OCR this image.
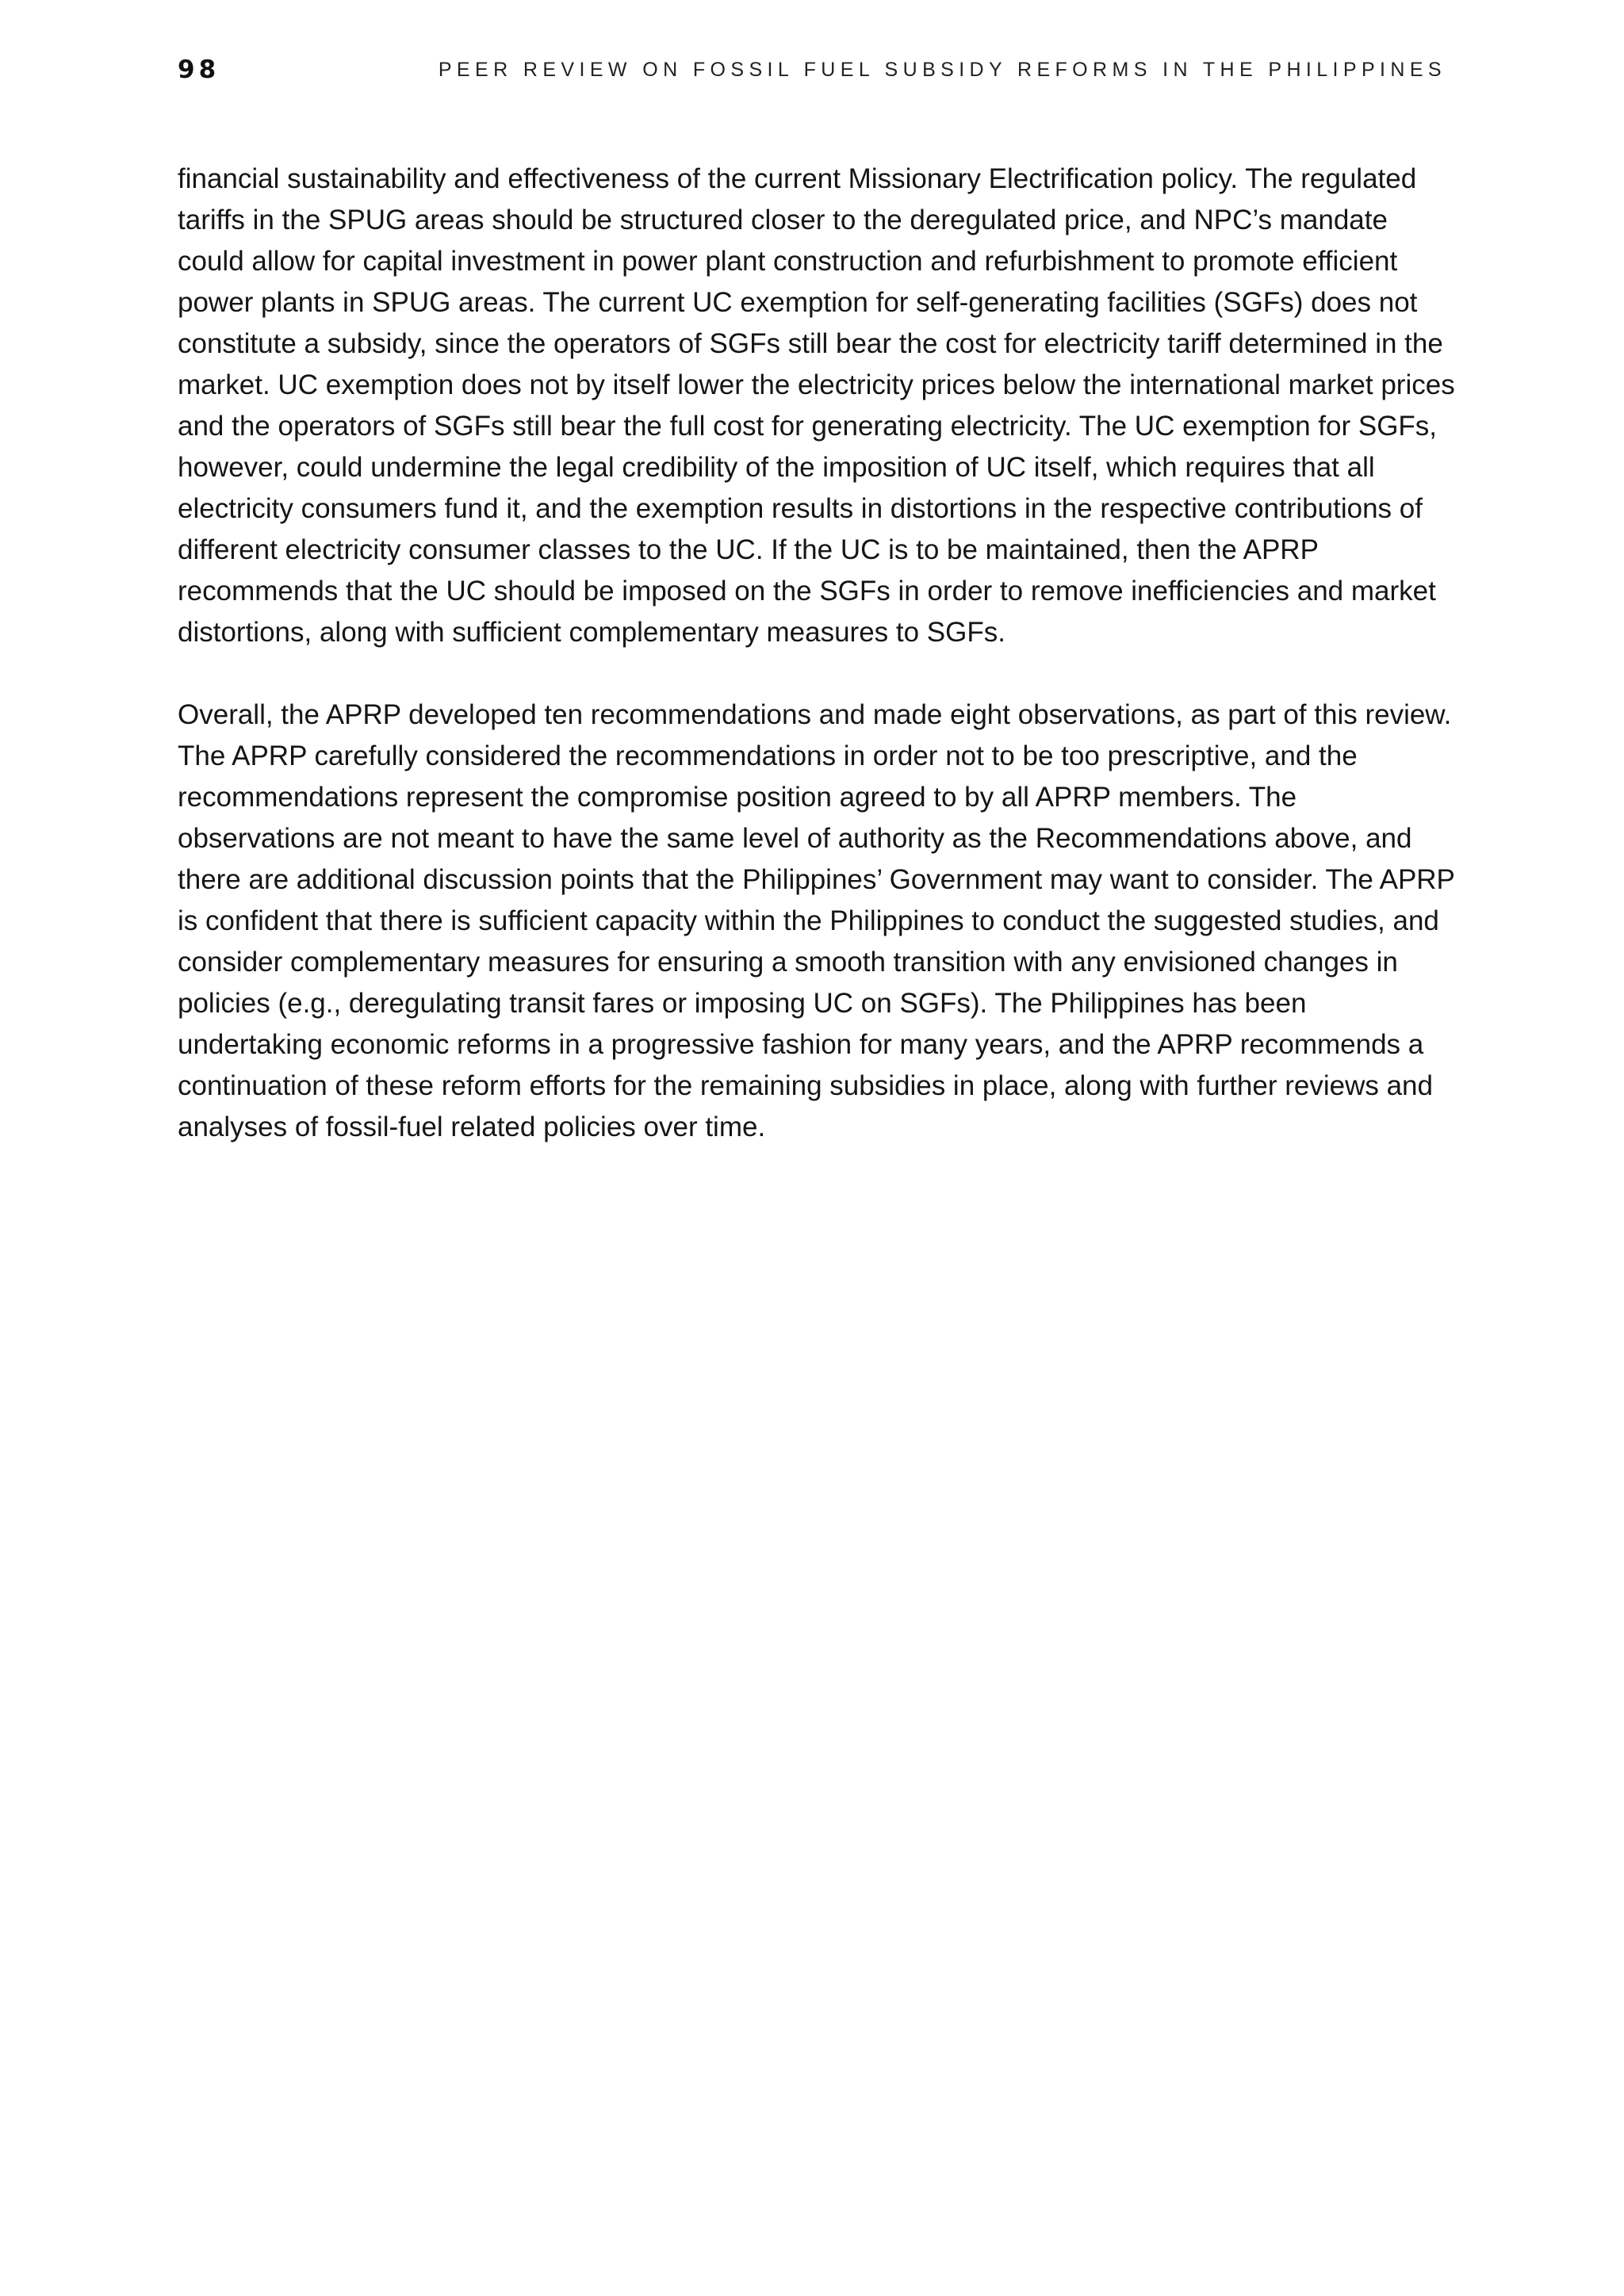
98	PEER REVIEW ON FOSSIL FUEL SUBSIDY REFORMS IN THE PHILIPPINES

financial sustainability and effectiveness of the current Missionary Electrification policy. The regulated tariffs in the SPUG areas should be structured closer to the deregulated price, and NPC’s mandate could allow for capital investment in power plant construction and refurbishment to promote efficient power plants in SPUG areas. The current UC exemption for self-generating facilities (SGFs) does not constitute a subsidy, since the operators of SGFs still bear the cost for electricity tariff determined in the market. UC exemption does not by itself lower the electricity prices below the international market prices and the operators of SGFs still bear the full cost for generating electricity. The UC exemption for SGFs, however, could undermine the legal credibility of the imposition of UC itself, which requires that all electricity consumers fund it, and the exemption results in distortions in the respective contributions of different electricity consumer classes to the UC. If the UC is to be maintained, then the APRP recommends that the UC should be imposed on the SGFs in order to remove inefficiencies and market distortions, along with sufficient complementary measures to SGFs.

Overall, the APRP developed ten recommendations and made eight observations, as part of this review. The APRP carefully considered the recommendations in order not to be too prescriptive, and the recommendations represent the compromise position agreed to by all APRP members. The observations are not meant to have the same level of authority as the Recommendations above, and there are additional discussion points that the Philippines’ Government may want to consider. The APRP is confident that there is sufficient capacity within the Philippines to conduct the suggested studies, and consider complementary measures for ensuring a smooth transition with any envisioned changes in policies (e.g., deregulating transit fares or imposing UC on SGFs). The Philippines has been undertaking economic reforms in a progressive fashion for many years, and the APRP recommends a continuation of these reform efforts for the remaining subsidies in place, along with further reviews and analyses of fossil-fuel related policies over time.
